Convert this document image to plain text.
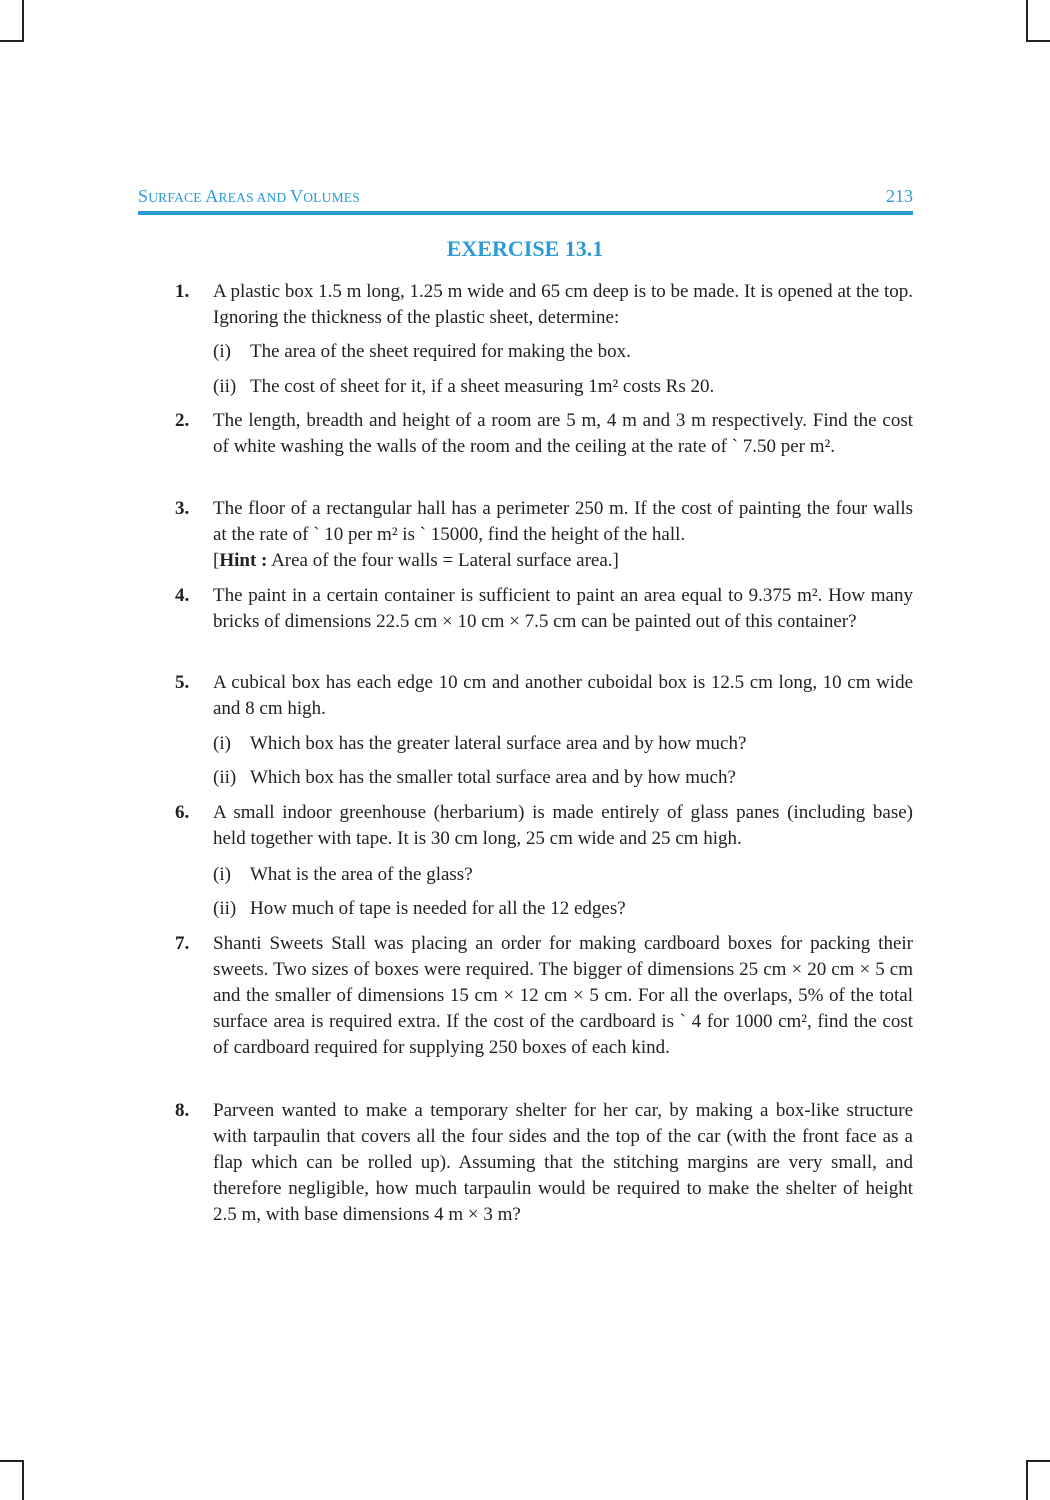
SURFACE AREAS AND VOLUMES	213
EXERCISE 13.1
1. A plastic box 1.5 m long, 1.25 m wide and 65 cm deep is to be made. It is opened at the top. Ignoring the thickness of the plastic sheet, determine:
(i) The area of the sheet required for making the box.
(ii) The cost of sheet for it, if a sheet measuring 1m² costs Rs 20.
2. The length, breadth and height of a room are 5 m, 4 m and 3 m respectively. Find the cost of white washing the walls of the room and the ceiling at the rate of ` 7.50 per m².
3. The floor of a rectangular hall has a perimeter 250 m. If the cost of painting the four walls at the rate of ` 10 per m² is ` 15000, find the height of the hall.
[Hint : Area of the four walls = Lateral surface area.]
4. The paint in a certain container is sufficient to paint an area equal to 9.375 m². How many bricks of dimensions 22.5 cm × 10 cm × 7.5 cm can be painted out of this container?
5. A cubical box has each edge 10 cm and another cuboidal box is 12.5 cm long, 10 cm wide and 8 cm high.
(i) Which box has the greater lateral surface area and by how much?
(ii) Which box has the smaller total surface area and by how much?
6. A small indoor greenhouse (herbarium) is made entirely of glass panes (including base) held together with tape. It is 30 cm long, 25 cm wide and 25 cm high.
(i) What is the area of the glass?
(ii) How much of tape is needed for all the 12 edges?
7. Shanti Sweets Stall was placing an order for making cardboard boxes for packing their sweets. Two sizes of boxes were required. The bigger of dimensions 25 cm × 20 cm × 5 cm and the smaller of dimensions 15 cm × 12 cm × 5 cm. For all the overlaps, 5% of the total surface area is required extra. If the cost of the cardboard is ` 4 for 1000 cm², find the cost of cardboard required for supplying 250 boxes of each kind.
8. Parveen wanted to make a temporary shelter for her car, by making a box-like structure with tarpaulin that covers all the four sides and the top of the car (with the front face as a flap which can be rolled up). Assuming that the stitching margins are very small, and therefore negligible, how much tarpaulin would be required to make the shelter of height 2.5 m, with base dimensions 4 m × 3 m?
